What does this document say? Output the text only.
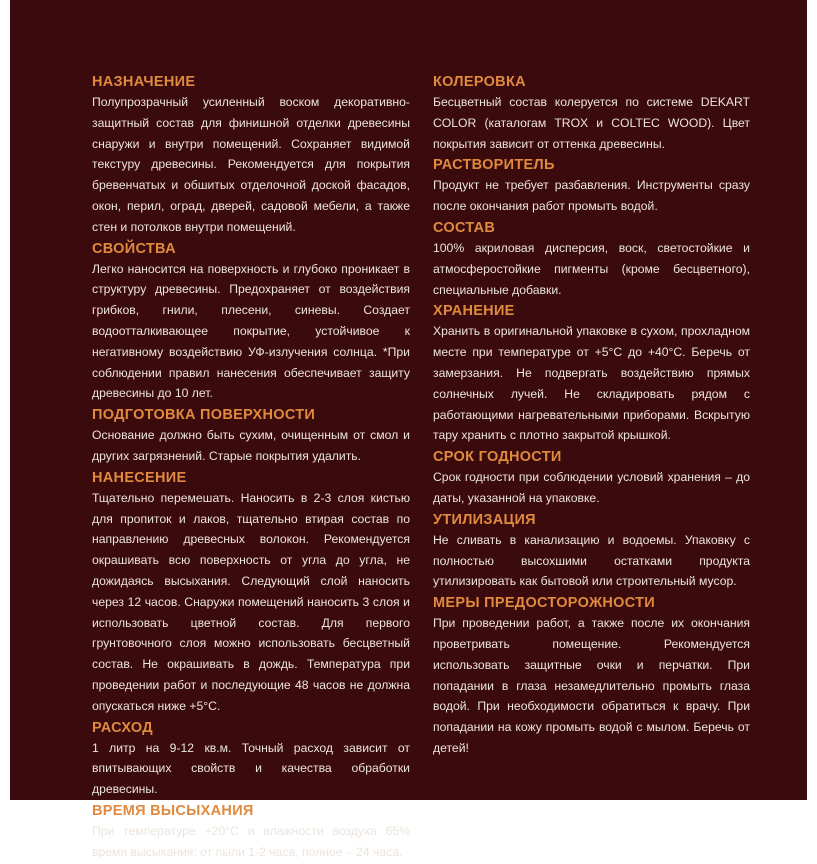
НАЗНАЧЕНИЕ

Полупрозрачный усиленный воском декоративно-защитный состав для финишной отделки древесины снаружи и внутри помещений. Сохраняет видимой текстуру древесины. Рекомендуется для покрытия бревенчатых и обшитых отделочной доской фасадов, окон, перил, оград, дверей, садовой мебели, а также стен и потолков внутри помещений.

СВОЙСТВА

Легко наносится на поверхность и глубоко проникает в структуру древесины. Предохраняет от воздействия грибков, гнили, плесени, синевы. Создает водоотталкивающее покрытие, устойчивое к негативному воздействию УФ-излучения солнца. *При соблюдении правил нанесения обеспечивает защиту древесины до 10 лет.

ПОДГОТОВКА ПОВЕРХНОСТИ

Основание должно быть сухим, очищенным от смол и других загрязнений. Старые покрытия удалить.

НАНЕСЕНИЕ

Тщательно перемешать. Наносить в 2-3 слоя кистью для пропиток и лаков, тщательно втирая состав по направлению древесных волокон. Рекомендуется окрашивать всю поверхность от угла до угла, не дожидаясь высыхания. Следующий слой наносить через 12 часов. Снаружи помещений наносить 3 слоя и использовать цветной состав. Для первого грунтовочного слоя можно использовать бесцветный состав. Не окрашивать в дождь. Температура при проведении работ и последующие 48 часов не должна опускаться ниже +5°С.

РАСХОД

1 литр на 9-12 кв.м. Точный расход зависит от впитывающих свойств и качества обработки древесины.

ВРЕМЯ ВЫСЫХАНИЯ

При температуре +20°С и влажности воздуха 65% время высыхания: от пыли 1-2 часа, полное – 24 часа.

КОЛЕРОВКА

Бесцветный состав колеруется по системе DEKART COLOR (каталогам TROX и COLTEC WOOD). Цвет покрытия зависит от оттенка древесины.

РАСТВОРИТЕЛЬ

Продукт не требует разбавления. Инструменты сразу после окончания работ промыть водой.

СОСТАВ

100% акриловая дисперсия, воск, светостойкие и атмосферостойкие пигменты (кроме бесцветного), специальные добавки.

ХРАНЕНИЕ

Хранить в оригинальной упаковке в сухом, прохладном месте при температуре от +5°С до +40°С. Беречь от замерзания. Не подвергать воздействию прямых солнечных лучей. Не складировать рядом с работающими нагревательными приборами. Вскрытую тару хранить с плотно закрытой крышкой.

СРОК ГОДНОСТИ

Срок годности при соблюдении условий хранения – до даты, указанной на упаковке.

УТИЛИЗАЦИЯ

Не сливать в канализацию и водоемы. Упаковку с полностью высохшими остатками продукта утилизировать как бытовой или строительный мусор.

МЕРЫ ПРЕДОСТОРОЖНОСТИ

При проведении работ, а также после их окончания проветривать помещение. Рекомендуется использовать защитные очки и перчатки. При попадании в глаза незамедлительно промыть глаза водой. При необходимости обратиться к врачу. При попадании на кожу промыть водой с мылом. Беречь от детей!
